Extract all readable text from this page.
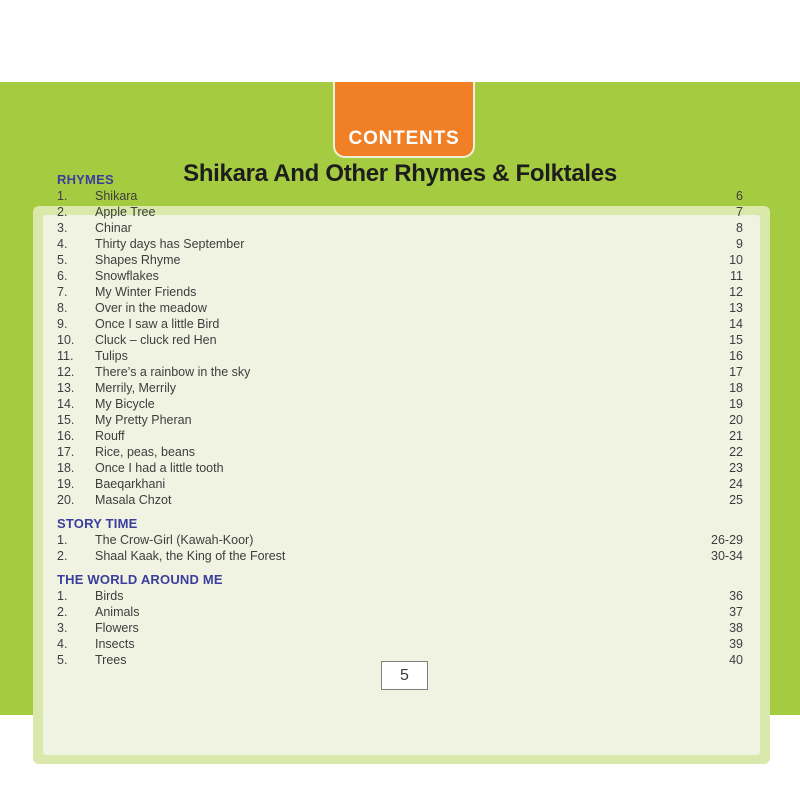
CONTENTS
Shikara And Other Rhymes & Folktales
RHYMES
1.	Shikara	6
2.	Apple Tree	7
3.	Chinar	8
4.	Thirty days has September	9
5.	Shapes Rhyme	10
6.	Snowflakes	11
7.	My Winter Friends	12
8.	Over in the meadow	13
9.	Once I saw a little Bird	14
10.	Cluck – cluck red Hen	15
11.	Tulips	16
12.	There’s a rainbow in the sky	17
13.	Merrily, Merrily	18
14.	My Bicycle	19
15.	My Pretty Pheran	20
16.	Rouff	21
17.	Rice, peas, beans	22
18.	Once I had a little tooth	23
19.	Baeqarkhani	24
20.	Masala Chzot	25
STORY TIME
1.	The Crow-Girl (Kawah-Koor)	26-29
2.	Shaal Kaak, the King of the Forest	30-34
THE WORLD AROUND ME
1.	Birds	36
2.	Animals	37
3.	Flowers	38
4.	Insects	39
5.	Trees	40
5
